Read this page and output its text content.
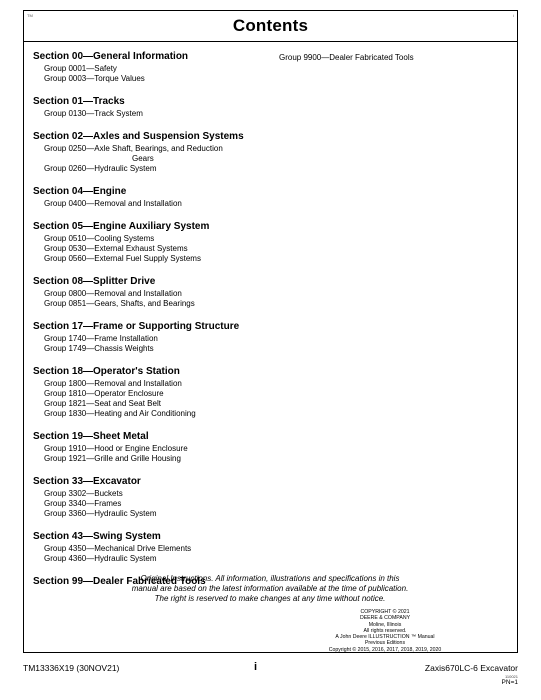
TM
Contents
i
Section 00—General Information
Group 0001—Safety
Group 0003—Torque Values
Section 01—Tracks
Group 0130—Track System
Section 02—Axles and Suspension Systems
Group 0250—Axle Shaft, Bearings, and Reduction
Gears
Group 0260—Hydraulic System
Section 04—Engine
Group 0400—Removal and Installation
Section 05—Engine Auxiliary System
Group 0510—Cooling Systems
Group 0530—External Exhaust Systems
Group 0560—External Fuel Supply Systems
Section 08—Splitter Drive
Group 0800—Removal and Installation
Group 0851—Gears, Shafts, and Bearings
Section 17—Frame or Supporting Structure
Group 1740—Frame Installation
Group 1749—Chassis Weights
Section 18—Operator's Station
Group 1800—Removal and Installation
Group 1810—Operator Enclosure
Group 1821—Seat and Seat Belt
Group 1830—Heating and Air Conditioning
Section 19—Sheet Metal
Group 1910—Hood or Engine Enclosure
Group 1921—Grille and Grille Housing
Section 33—Excavator
Group 3302—Buckets
Group 3340—Frames
Group 3360—Hydraulic System
Section 43—Swing System
Group 4350—Mechanical Drive Elements
Group 4360—Hydraulic System
Section 99—Dealer Fabricated Tools
Group 9900—Dealer Fabricated Tools
Original Instructions. All information, illustrations and specifications in this
manual are based on the latest information available at the time of publication.
The right is reserved to make changes at any time without notice.
COPYRIGHT © 2021
DEERE & COMPANY
Moline, Illinois
All rights reserved.
A John Deere ILLUSTRUCTION ™ Manual
Previous Editions
Copyright © 2015, 2016, 2017, 2018, 2019, 2020
TM13336X19 (30NOV21)	i	Zaxis670LC-6 Excavator
110021
PN=1
